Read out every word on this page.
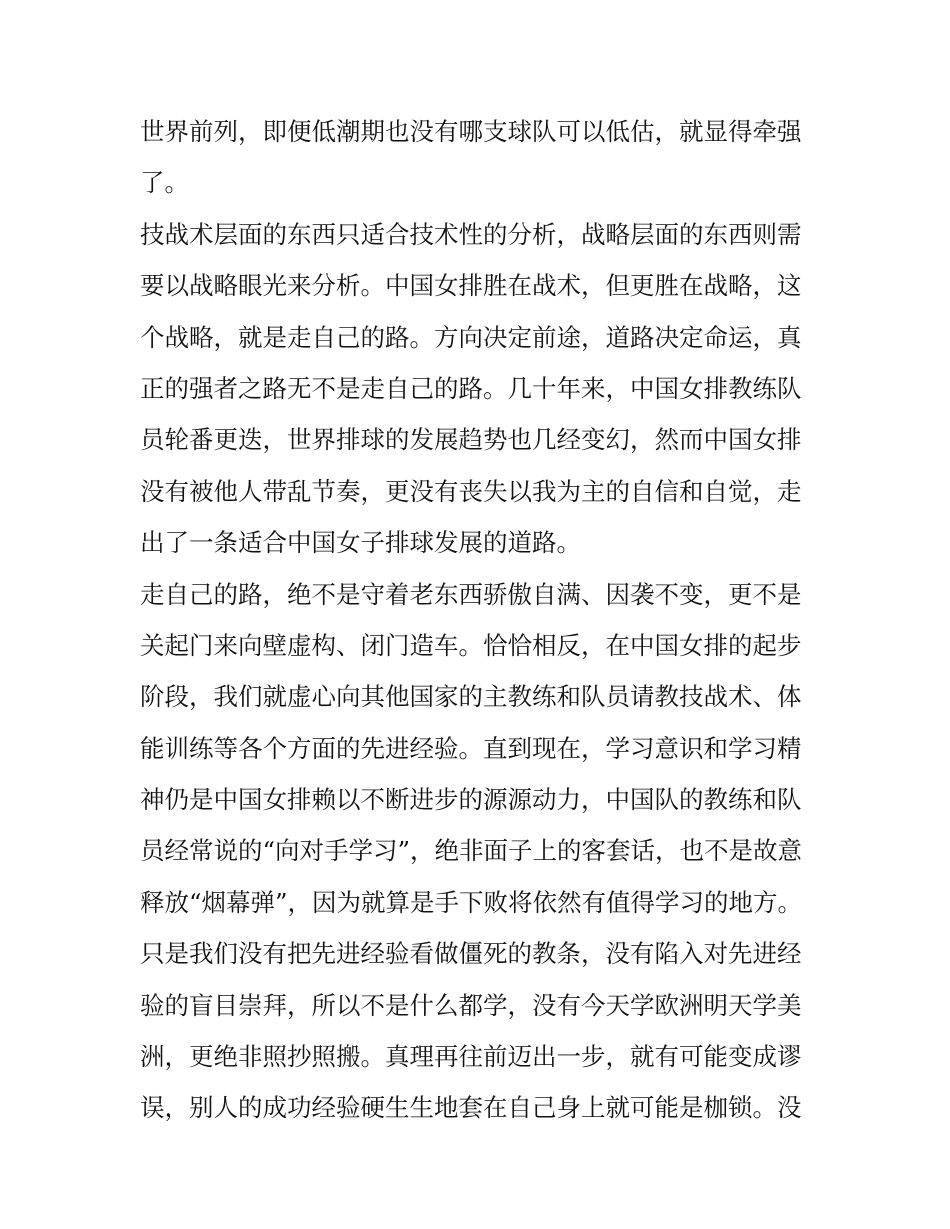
世界前列，即便低潮期也没有哪支球队可以低估，就显得牵强
了。
技战术层面的东西只适合技术性的分析，战略层面的东西则需
要以战略眼光来分析。中国女排胜在战术，但更胜在战略，这
个战略，就是走自己的路。方向决定前途，道路决定命运，真
正的强者之路无不是走自己的路。几十年来，中国女排教练队
员轮番更迭，世界排球的发展趋势也几经变幻，然而中国女排
没有被他人带乱节奏，更没有丧失以我为主的自信和自觉，走
出了一条适合中国女子排球发展的道路。
走自己的路，绝不是守着老东西骄傲自满、因袭不变，更不是
关起门来向壁虚构、闭门造车。恰恰相反，在中国女排的起步
阶段，我们就虚心向其他国家的主教练和队员请教技战术、体
能训练等各个方面的先进经验。直到现在，学习意识和学习精
神仍是中国女排赖以不断进步的源源动力，中国队的教练和队
员经常说的“向对手学习”，绝非面子上的客套话，也不是故意
释放“烟幕弹”，因为就算是手下败将依然有值得学习的地方。
只是我们没有把先进经验看做僵死的教条，没有陷入对先进经
验的盲目崇拜，所以不是什么都学，没有今天学欧洲明天学美
洲，更绝非照抄照搬。真理再往前迈出一步，就有可能变成谬
误，别人的成功经验硬生生地套在自己身上就可能是枷锁。没
